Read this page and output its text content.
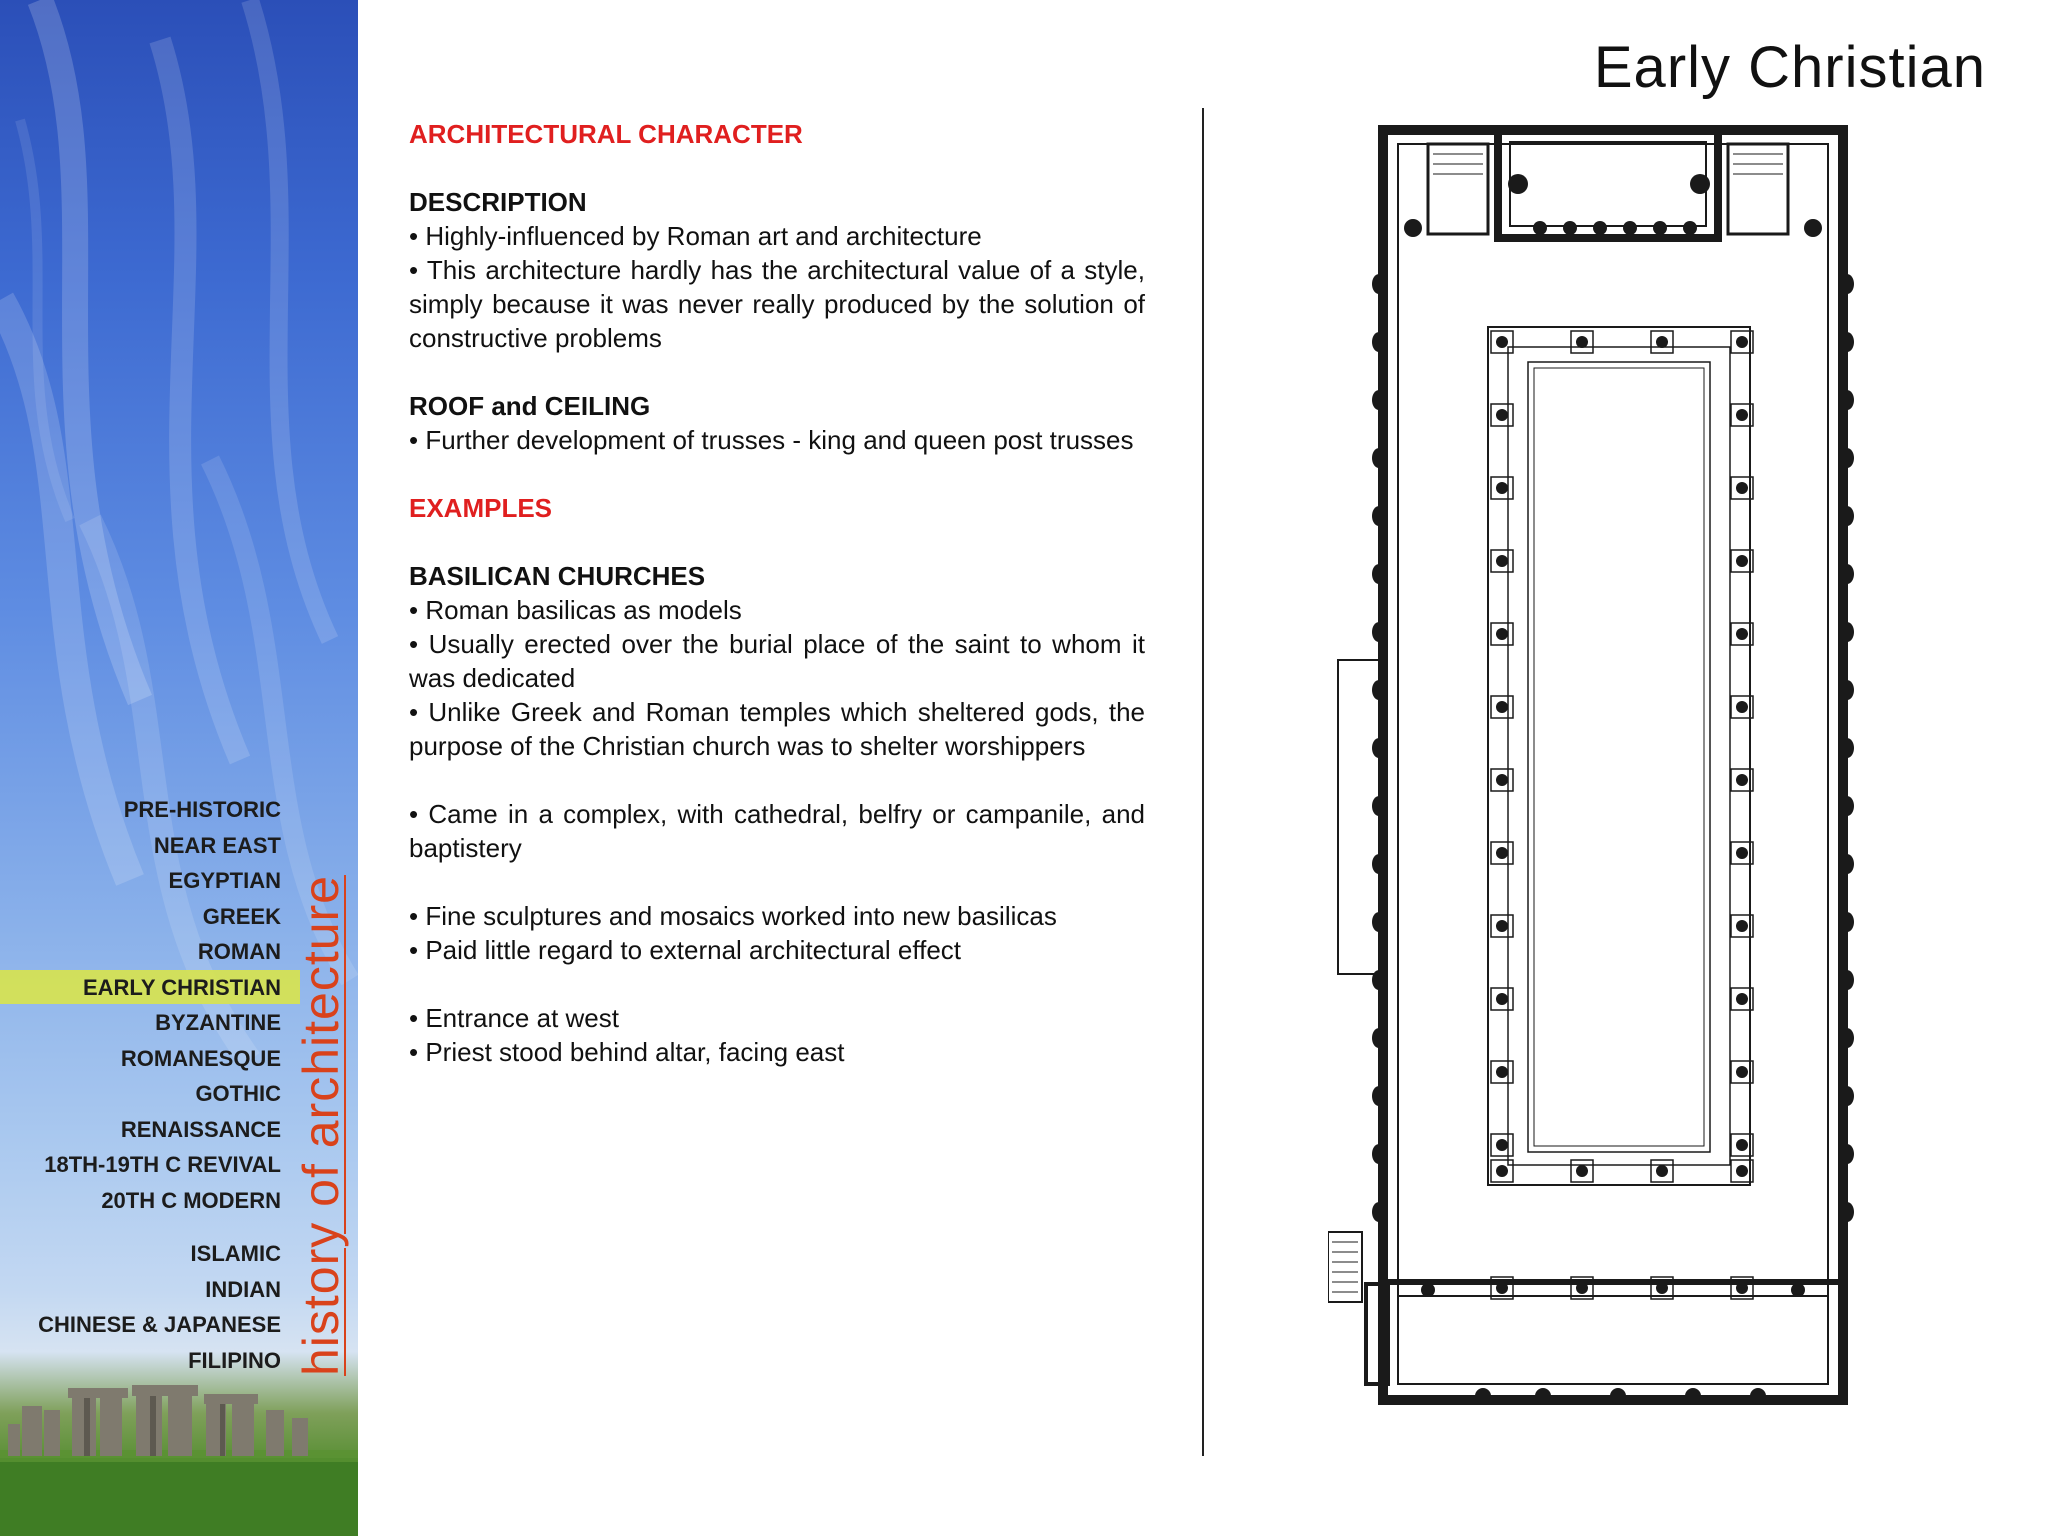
PRE-HISTORIC
NEAR EAST
EGYPTIAN
GREEK
ROMAN
EARLY CHRISTIAN
BYZANTINE
ROMANESQUE
GOTHIC
RENAISSANCE
18TH-19TH C REVIVAL
20TH C MODERN
ISLAMIC
INDIAN
CHINESE & JAPANESE
FILIPINO history of architecture
Early Christian
ARCHITECTURAL CHARACTER
DESCRIPTION
• Highly-influenced by Roman art and architecture
• This architecture hardly has the architectural value of a style, simply because it was never really produced by the solution of constructive problems
ROOF and CEILING
• Further development of trusses - king and queen post trusses
EXAMPLES
BASILICAN CHURCHES
• Roman basilicas as models
• Usually erected over the burial place of the saint to whom it was dedicated
• Unlike Greek and Roman temples which sheltered gods, the purpose of the Christian church was to shelter worshippers
• Came in a complex, with cathedral, belfry or campanile, and baptistery
• Fine sculptures and mosaics worked into new basilicas
• Paid little regard to external architectural effect
• Entrance at west
• Priest stood behind altar, facing east
